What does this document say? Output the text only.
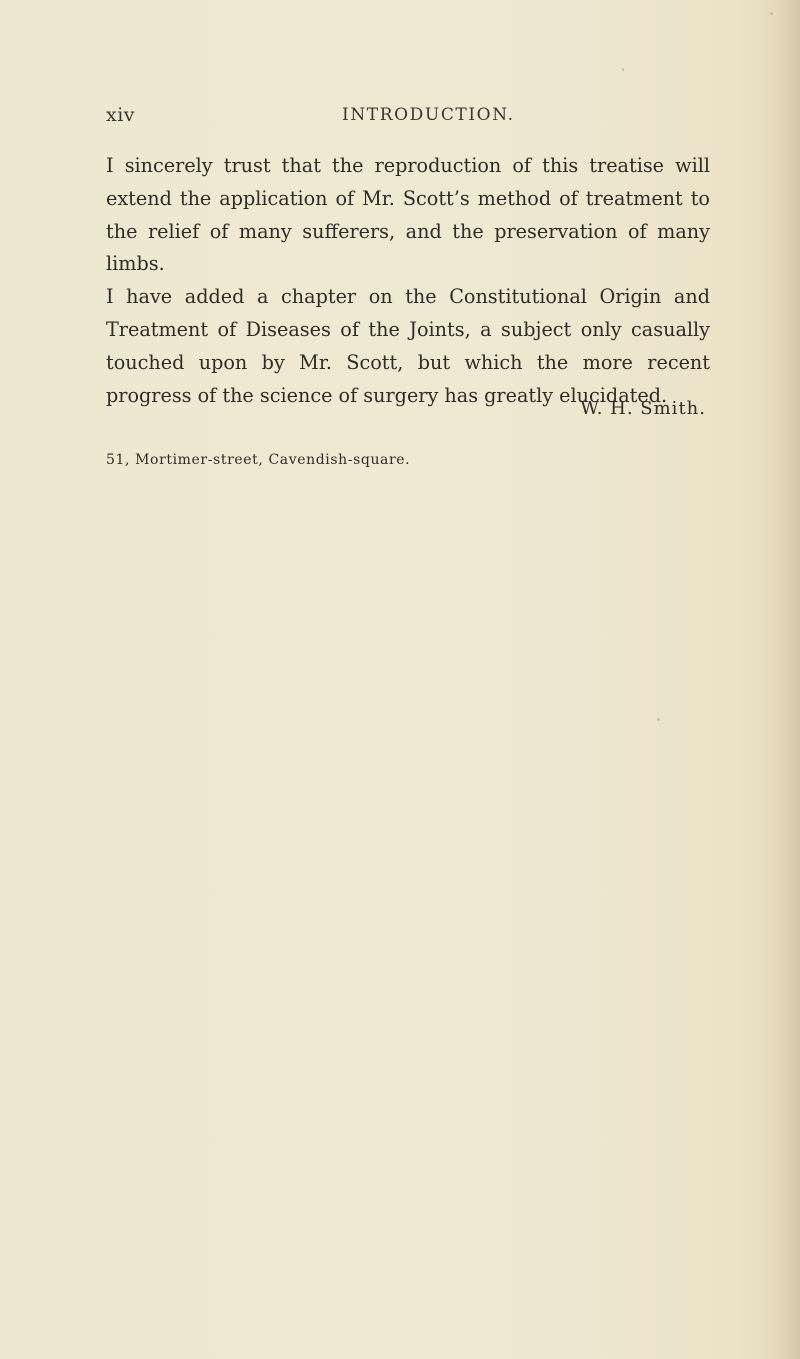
xiv	INTRODUCTION.

I sincerely trust that the reproduction of this treatise will extend the application of Mr. Scott’s method of treatment to the relief of many sufferers, and the preservation of many limbs.

I have added a chapter on the Constitutional Origin and Treatment of Diseases of the Joints, a subject only casually touched upon by Mr. Scott, but which the more recent progress of the science of surgery has greatly elucidated.

W. H. Smith.
51, Mortimer-street, Cavendish-square.
